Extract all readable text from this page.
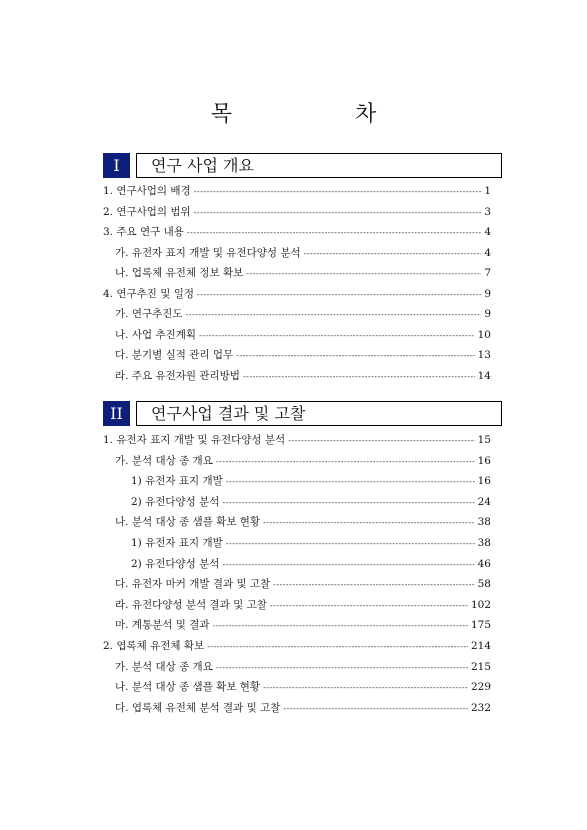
목 차
I	연구 사업 개요
1. 연구사업의 배경 -----	1
2. 연구사업의 범위 -----	3
3. 주요 연구 내용 -----	4
가. 유전자 표지 개발 및 유전다양성 분석 -----	4
나. 업록체 유전체 정보 확보 -----	7
4. 연구추진 및 일정 -----	9
가. 연구추진도 -----	9
나. 사업 추진계획 -----	10
다. 분기별 실적 관리 업무 -----	13
라. 주요 유전자원 관리방법 -----	14
II	연구사업 결과 및 고찰
1. 유전자 표지 개발 및 유전다양성 분석 -----	15
가. 분석 대상 종 개요 -----	16
1) 유전자 표지 개발 -----	16
2) 유전다양성 분석 -----	24
나. 분석 대상 종 샘플 확보 현황 -----	38
1) 유전자 표지 개발 -----	38
2) 유전다양성 분석 -----	46
다. 유전자 마커 개발 결과 및 고찰 -----	58
라. 유전다양성 분석 결과 및 고찰 -----	102
마. 계통분석 및 결과 -----	175
2. 엽록체 유전체 확보 -----	214
가. 분석 대상 종 개요 -----	215
나. 분석 대상 종 샘플 확보 현황 -----	229
다. 엽록체 유전체 분석 결과 및 고찰 -----	232
